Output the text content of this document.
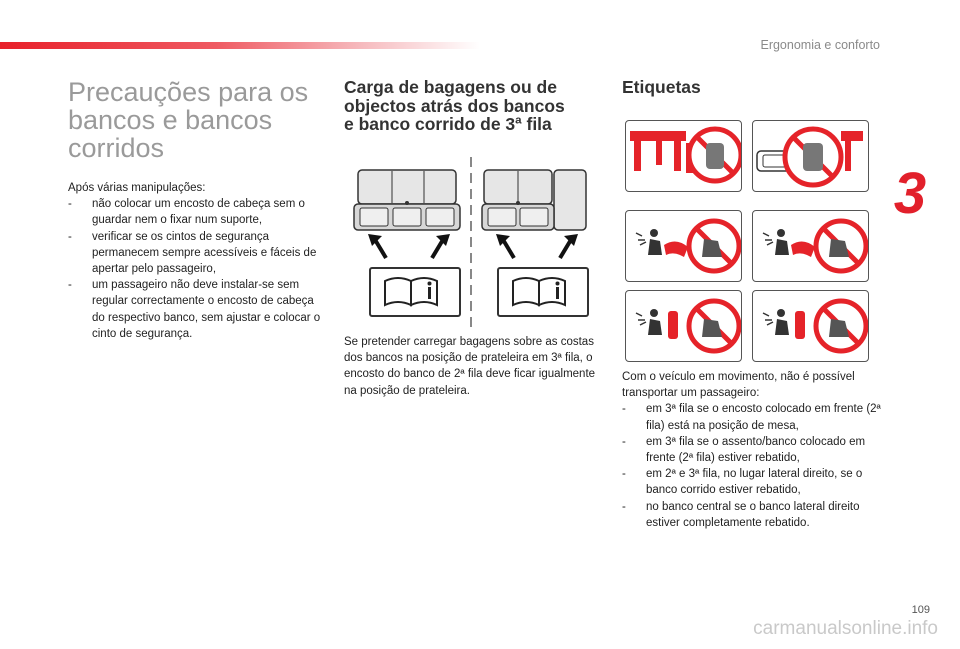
Ergonomia e conforto
3
109
carmanualsonline.info
Precauções para os
bancos e bancos
corridos

Após várias manipulações:

- não colocar um encosto de cabeça sem o guardar nem o fixar num suporte,
- verificar se os cintos de segurança permanecem sempre acessíveis e fáceis de apertar pelo passageiro,
- um passageiro não deve instalar-se sem regular correctamente o encosto de cabeça do respectivo banco, sem ajustar e colocar o cinto de segurança.
Carga de bagagens ou de
objectos atrás dos bancos
e banco corrido de 3ª fila
Se pretender carregar bagagens sobre as costas dos bancos na posição de prateleira em 3ª fila, o encosto do banco de 2ª fila deve ficar igualmente na posição de prateleira.
Etiquetas

Com o veículo em movimento, não é possível
transportar um passageiro:

- em 3ª fila se o encosto colocado em frente (2ª fila) está na posição de mesa,
- em 3ª fila se o assento/banco colocado em frente (2ª fila) estiver rebatido,
- em 2ª e 3ª fila, no lugar lateral direito, se o banco corrido estiver rebatido,
- no banco central se o banco lateral direito estiver completamente rebatido.
